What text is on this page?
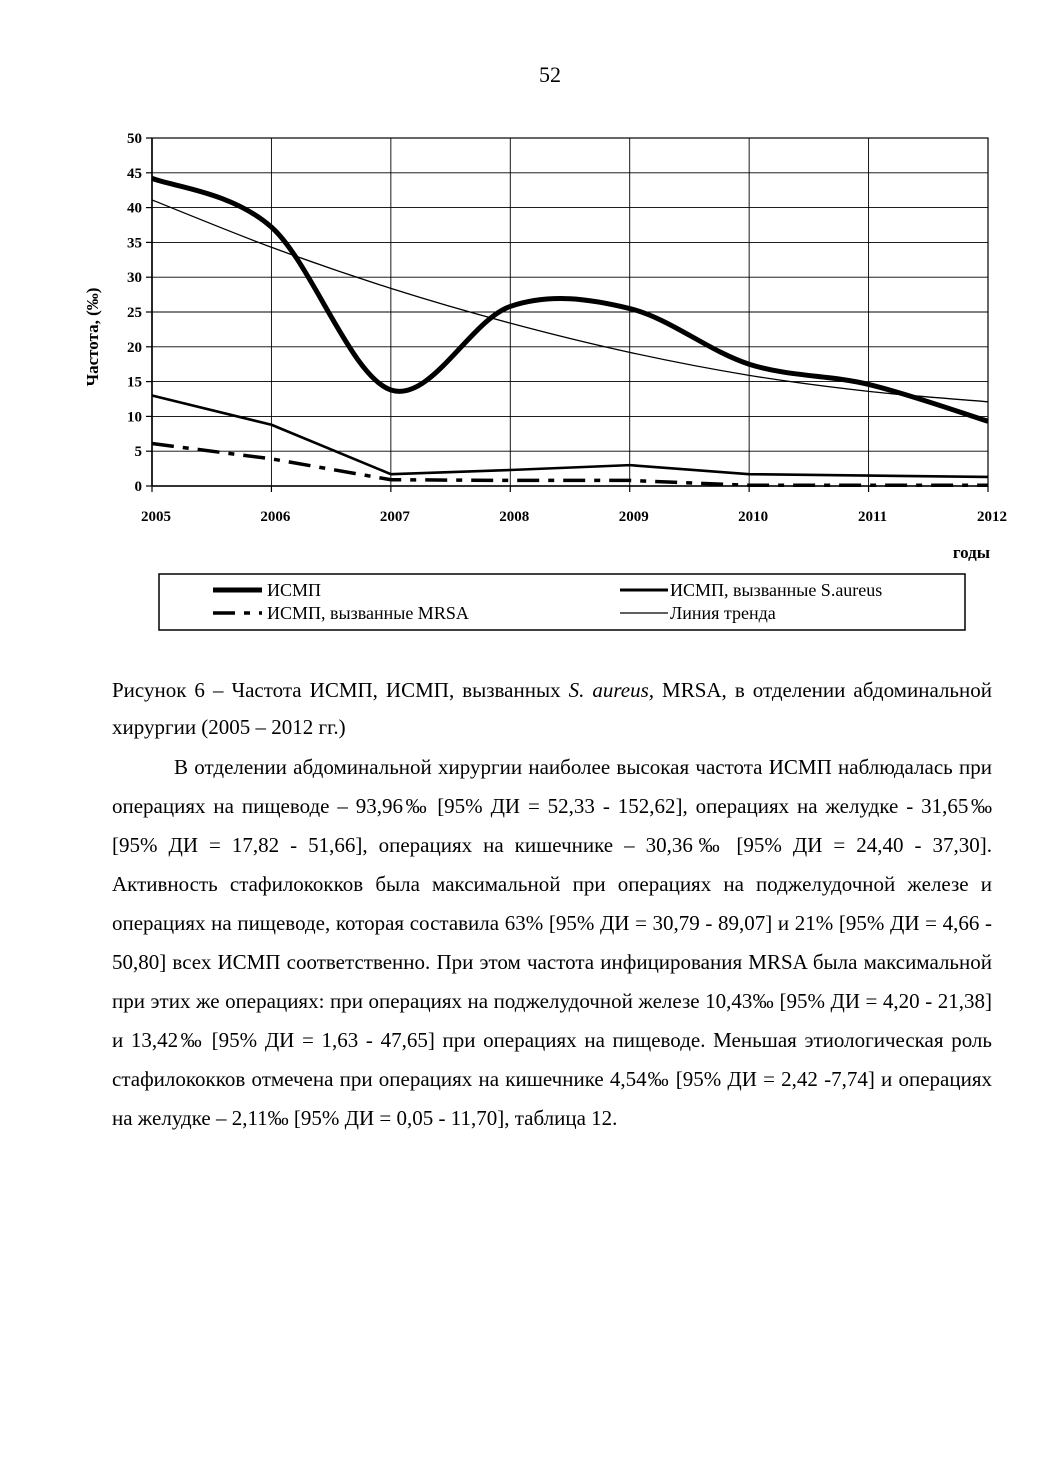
52
0
5
10
15
20
25
30
35
40
45
50
2005	2006	2007	2008	2009	2010	2011	2012
Частота, (‰)
годы
ИСМП	ИСМП, вызванные S.aureus
ИСМП, вызванные MRSA	Линия тренда
Рисунок 6 – Частота ИСМП, ИСМП, вызванных S. aureus, MRSA, в отделении абдоминальной хирургии (2005 – 2012 гг.)
В отделении абдоминальной хирургии наиболее высокая частота ИСМП наблюдалась при операциях на пищеводе – 93,96‰ [95% ДИ = 52,33 - 152,62], операциях на желудке - 31,65‰ [95% ДИ = 17,82 - 51,66], операциях на кишечнике – 30,36‰ [95% ДИ = 24,40 - 37,30]. Активность стафилококков была максимальной при операциях на поджелудочной железе и операциях на пищеводе, которая составила 63% [95% ДИ = 30,79 - 89,07] и 21% [95% ДИ = 4,66 - 50,80] всех ИСМП соответственно. При этом частота инфицирования MRSA была максимальной при этих же операциях: при операциях на поджелудочной железе 10,43‰ [95% ДИ = 4,20 - 21,38] и 13,42‰ [95% ДИ = 1,63 - 47,65] при операциях на пищеводе. Меньшая этиологическая роль стафилококков отмечена при операциях на кишечнике 4,54‰ [95% ДИ = 2,42 -7,74] и операциях на желудке – 2,11‰ [95% ДИ = 0,05 - 11,70], таблица 12.
